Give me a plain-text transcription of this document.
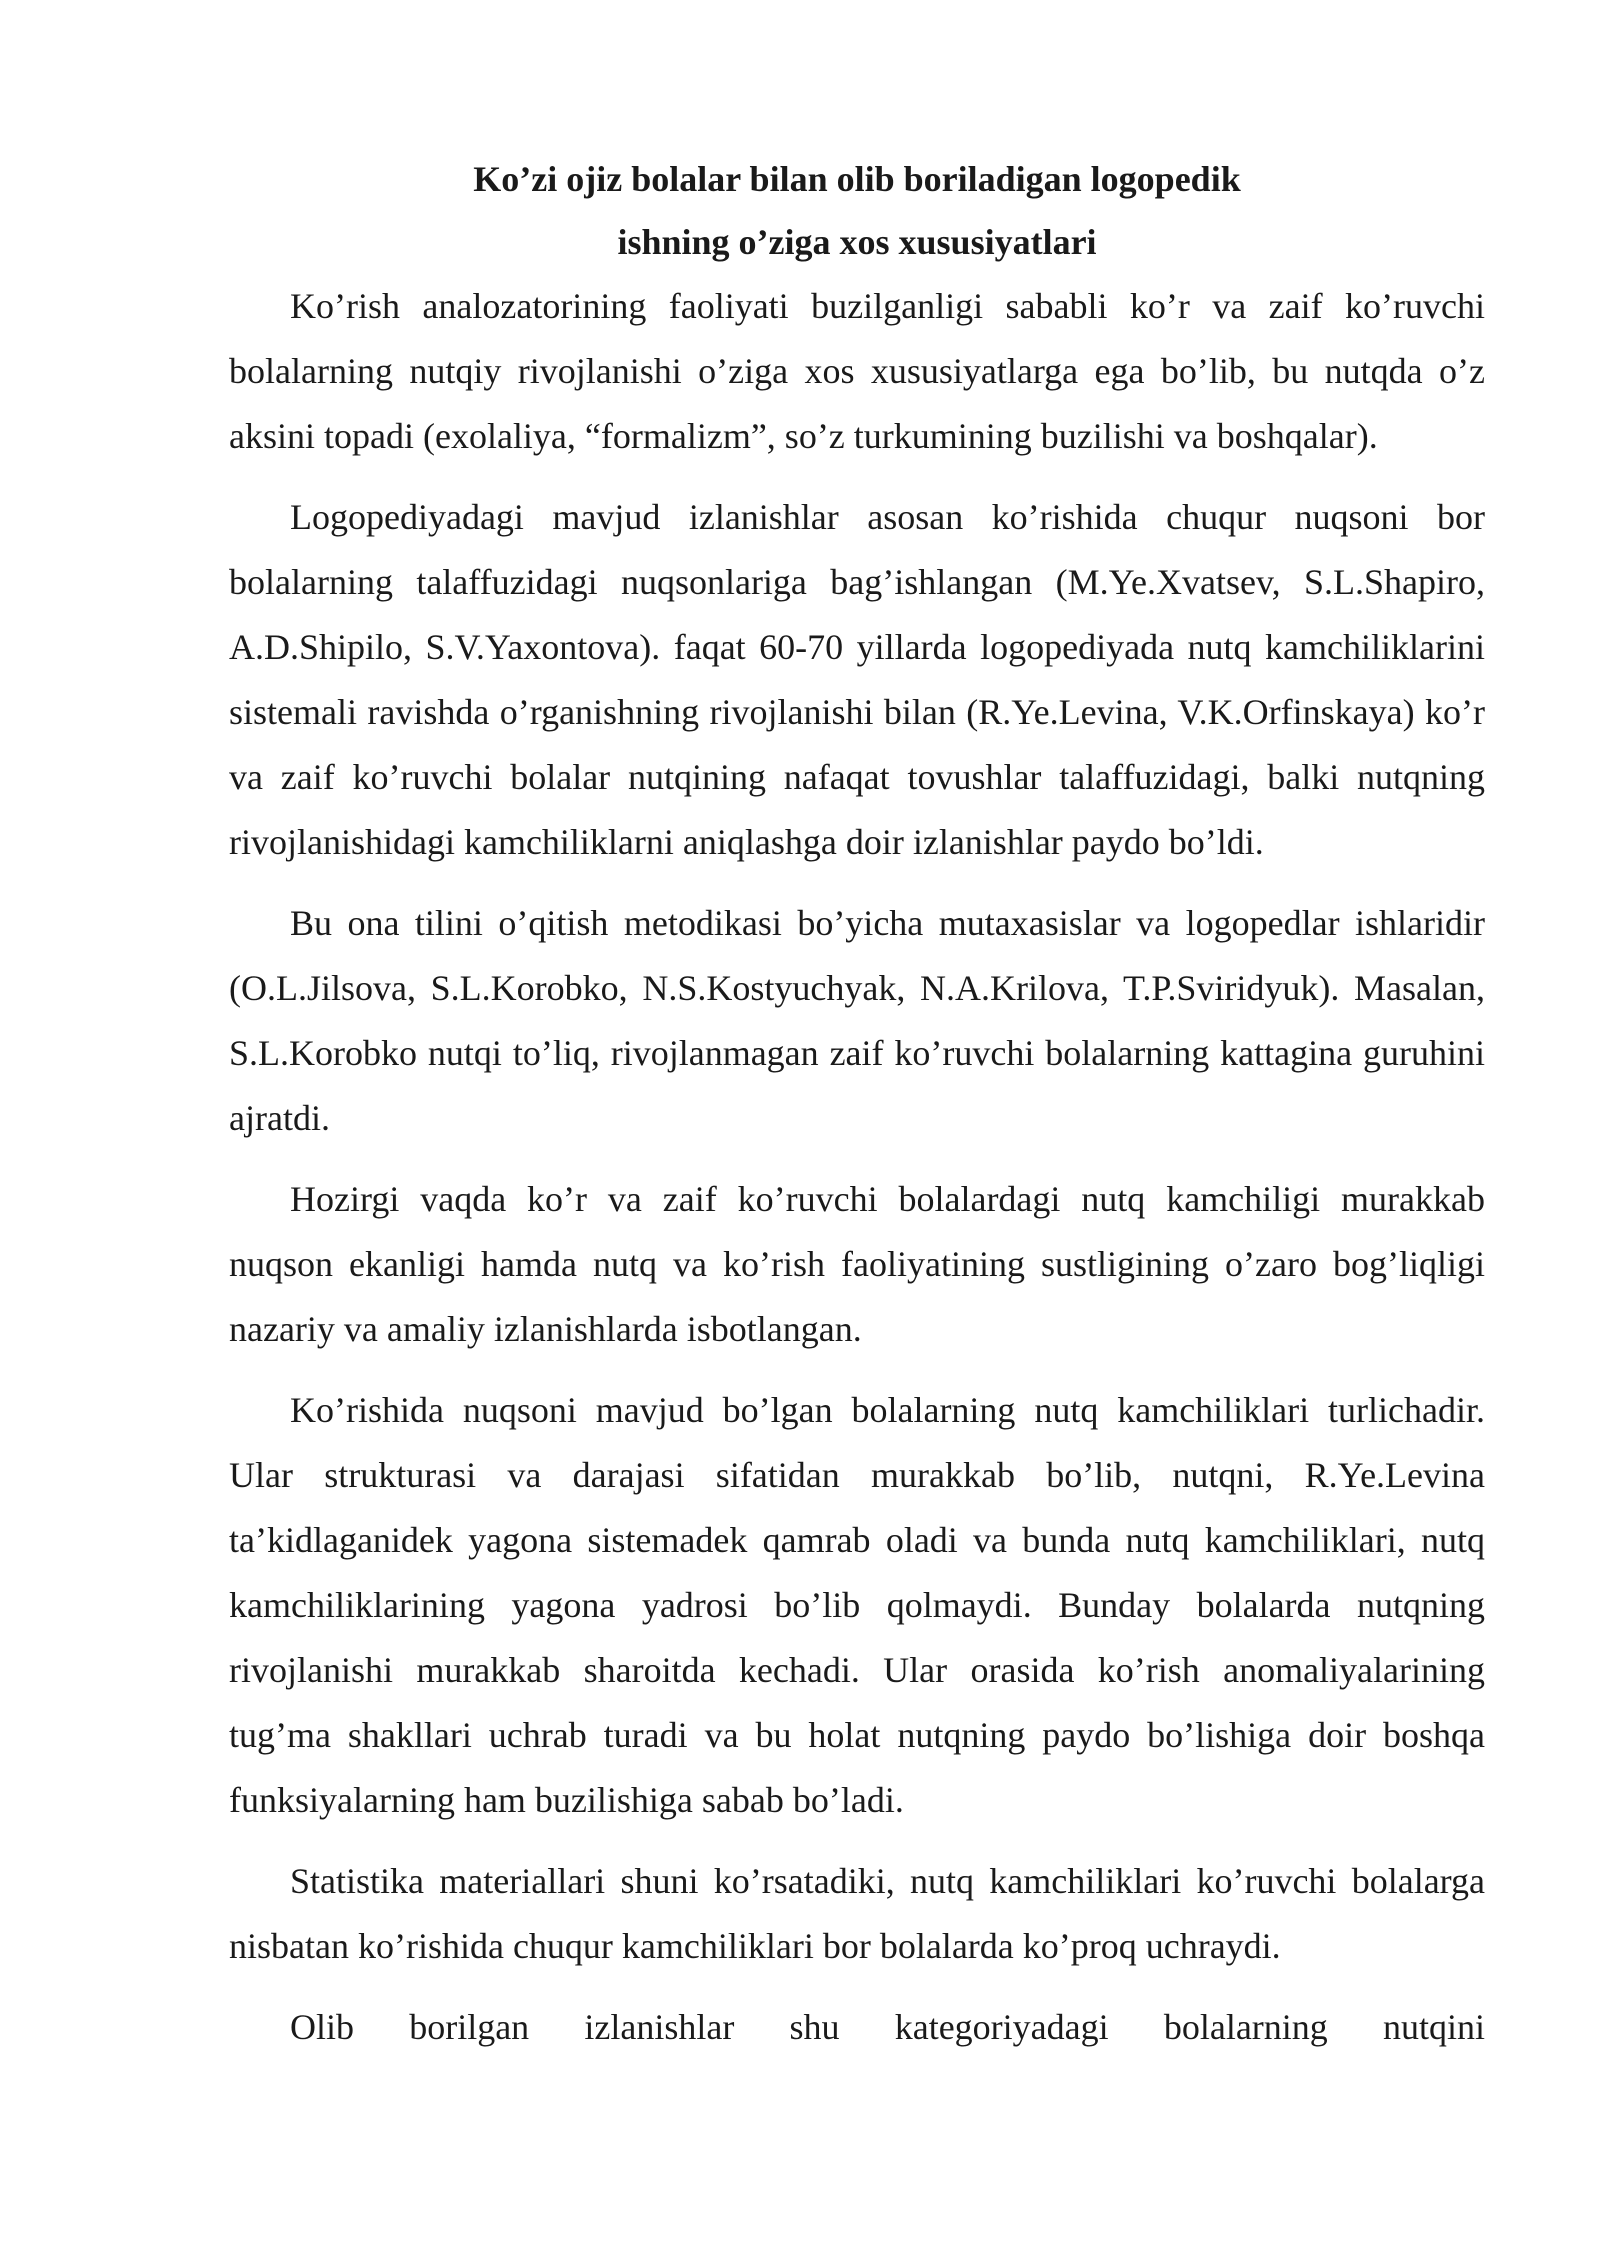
Ko’zi ojiz bolalar bilan olib boriladigan logopedik

ishning o’ziga xos xususiyatlari

Ko’rish analozatorining faoliyati buzilganligi sababli ko’r va zaif ko’ruvchi bolalarning nutqiy rivojlanishi o’ziga xos xususiyatlarga ega bo’lib, bu nutqda o’z aksini topadi (exolaliya, “formalizm”, so’z turkumining buzilishi va boshqalar).

Logopediyadagi mavjud izlanishlar asosan ko’rishida chuqur nuqsoni bor bolalarning talaffuzidagi nuqsonlariga bag’ishlangan (M.Ye.Xvatsev, S.L.Shapiro, A.D.Shipilo, S.V.Yaxontova). faqat 60-70 yillarda logopediyada nutq kamchiliklarini sistemali ravishda o’rganishning rivojlanishi bilan (R.Ye.Levina, V.K.Orfinskaya) ko’r va zaif ko’ruvchi bolalar nutqining nafaqat tovushlar talaffuzidagi, balki nutqning rivojlanishidagi kamchiliklarni aniqlashga doir izlanishlar paydo bo’ldi.

Bu ona tilini o’qitish metodikasi bo’yicha mutaxasislar va logopedlar ishlaridir (O.L.Jilsova, S.L.Korobko, N.S.Kostyuchyak, N.A.Krilova, T.P.Sviridyuk). Masalan, S.L.Korobko nutqi to’liq, rivojlanmagan zaif ko’ruvchi bolalarning kattagina guruhini ajratdi.

Hozirgi vaqda ko’r va zaif ko’ruvchi bolalardagi nutq kamchiligi murakkab nuqson ekanligi hamda nutq va ko’rish faoliyatining sustligining o’zaro bog’liqligi nazariy va amaliy izlanishlarda isbotlangan.

Ko’rishida nuqsoni mavjud bo’lgan bolalarning nutq kamchiliklari turlichadir. Ular strukturasi va darajasi sifatidan murakkab bo’lib, nutqni, R.Ye.Levina ta’kidlaganidek yagona sistemadek qamrab oladi va bunda nutq kamchiliklari, nutq kamchiliklarining yagona yadrosi bo’lib qolmaydi. Bunday bolalarda nutqning rivojlanishi murakkab sharoitda kechadi. Ular orasida ko’rish anomaliyalarining tug’ma shakllari uchrab turadi va bu holat nutqning paydo bo’lishiga doir boshqa funksiyalarning ham buzilishiga sabab bo’ladi.

Statistika materiallari shuni ko’rsatadiki, nutq kamchiliklari ko’ruvchi bolalarga nisbatan ko’rishida chuqur kamchiliklari bor bolalarda ko’proq uchraydi.

Olib borilgan izlanishlar shu kategoriyadagi bolalarning nutqini
